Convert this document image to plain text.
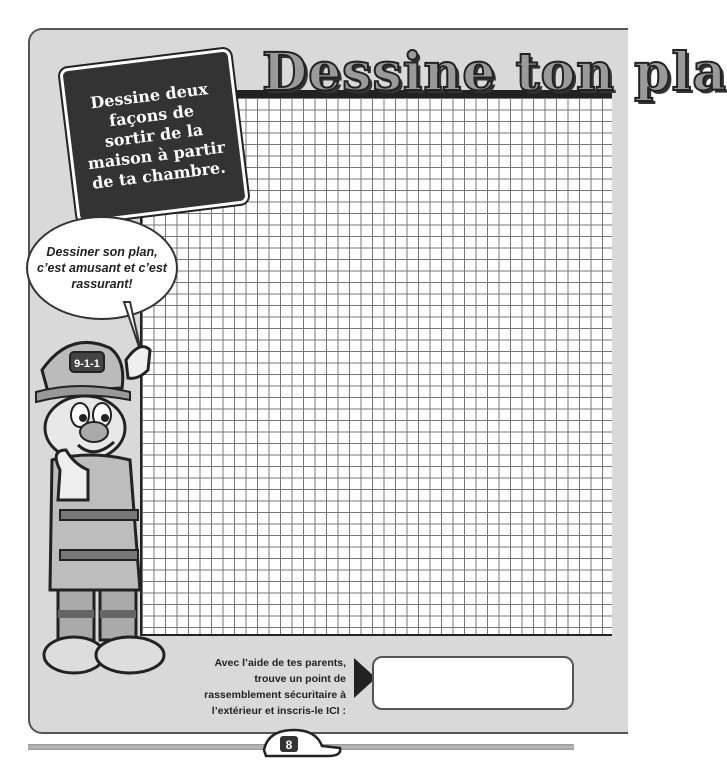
Dessine ton pla
Dessine deux façons de sortir de la maison à partir de ta chambre.
Dessiner son plan, c’est amusant et c’est rassurant!
9-1-1
Avec l’aide de tes parents, trouve un point de rassemblement sécuritaire à l’extérieur et inscris-le ICI :
8
